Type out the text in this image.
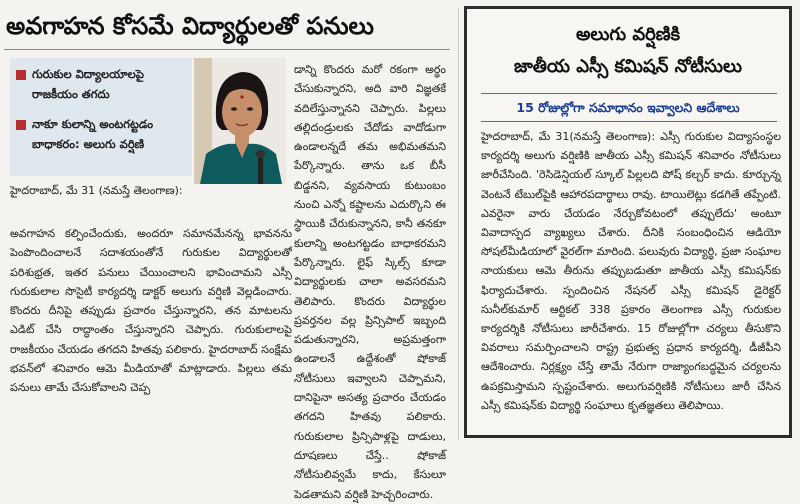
అవగాహన కోసమే విద్యార్థులతో పనులు
గురుకుల విద్యాలయాలపై రాజకీయం తగదు
నాకూ కులాన్ని అంటగట్టడం బాధాకరం: అలుగు వర్షిణి

హైదరాబాద్, మే 31 (నమస్తే తెలంగాణ):

అవగాహన కల్పించేందుకు, అందరూ సమానమేనన్న భావనను పెంపొందించాలనే సదాశయంతోనే గురుకుల విద్యార్థులతో పరిశుభ్రత, ఇతర పనులు చేయించాలని భావించామని ఎస్సీ గురుకులాల సొసైటీ కార్యదర్శి డాక్టర్ అలుగు వర్షిణి వెల్లడించారు. కొందరు దీనిపై తప్పుడు ప్రచారం చేస్తున్నారని, తన మాటలను ఎడిట్ చేసి రాద్ధాంతం చేస్తున్నారని చెప్పారు. గురుకులాలపై రాజకీయం చేయడం తగదని హితవు పలికారు. హైదరాబాద్ సంక్షేమ భవన్‌లో శనివారం ఆమె మీడియాతో మాట్లాడారు. పిల్లలు తమ పనులు తామే చేసుకోవాలని చెప్ప

డాన్ని కొందరు మరో రకంగా అర్థం చేసుకున్నారని, అది వారి విజ్ఞతకే వదిలేస్తున్నానని చెప్పారు. పిల్లలు తల్లిదండ్రులకు చేదోడు వాదోడుగా ఉండాలన్నదే తమ అభిమతమని పేర్కొన్నారు. తాను ఒక బీసీ బిడ్డనని, వ్యవసాయ కుటుంబం నుంచి ఎన్నో కష్టాలను ఎదుర్కొని ఈ స్థాయికి చేరుకున్నానని, కానీ తనకూ కులాన్ని అంటగట్టడం బాధాకరమని పేర్కొన్నారు. లైఫ్ స్కిల్స్ కూడా విద్యార్థులకు చాలా అవసరమని తెలిపారు. కొందరు విద్యార్థుల ప్రవర్తనల వల్ల ప్రిన్సిపాల్ ఇబ్బంది పడుతున్నారని, అప్రమత్తంగా ఉండాలనే ఉద్దేశంతో షోకాజ్ నోటీసులు ఇవ్వాలని చెప్పామని, దానిపైనా అసత్య ప్రచారం చేయడం తగదని హితవు పలికారు. గురుకులాల ప్రిన్సిపాళ్లపై దాడులు, దూషణలు చేస్తే.. షోకాజ్ నోటీసులివ్వమే కాదు, కేసులూ పెడతామని వర్షిణి హెచ్చరించారు.

అలుగు వర్షిణికి
జాతీయ ఎస్సీ కమిషన్ నోటీసులు
15 రోజుల్లోగా సమాధానం ఇవ్వాలని ఆదేశాలు

హైదరాబాద్, మే 31(నమస్తే తెలంగాణ): ఎస్సీ గురుకుల విద్యాసంస్థల కార్యదర్శి అలుగు వర్షిణికి జాతీయ ఎస్సీ కమిషన్ శనివారం నోటీసులు జారీచేసింది. 'రెసిడెన్షియల్ స్కూల్ పిల్లలది పోష్ కల్చర్ కాదు. కూర్చున్న వెంటనే టేబుల్‌పైకి ఆహారపదార్థాలు రావు. టాయిలెట్లు కడగితే తప్పేంటి. ఎవరైనా వారు చేయడం నేర్చుకోవటంలో తప్పులేదు' అంటూ వివాదాస్పద వ్యాఖ్యలు చేశారు. దీనికి సంబంధించిన ఆడియో సోషల్‌మీడియాలో వైరల్‌గా మారింది. పలువురు విద్యార్థి, ప్రజా సంఘాల నాయకులు ఆమె తీరును తప్పుబడుతూ జాతీయ ఎస్సీ కమిషన్‌కు ఫిర్యాదుచేశారు. స్పందించిన నేషనల్ ఎస్సీ కమిషన్ డైరెక్టర్ సునీల్‌కుమార్ ఆర్టికల్ 338 ప్రకారం తెలంగాణ ఎస్సీ గురుకుల కార్యదర్శికి నోటీసులు జారీచేశారు. 15 రోజుల్లోగా చర్యలు తీసుకొని వివరాలు సమర్పించాలని రాష్ట్ర ప్రభుత్వ ప్రధాన కార్యదర్శి, డీజీపీని ఆదేశించారు. నిర్లక్ష్యం చేస్తే తామే నేరుగా రాజ్యాంగబద్ధమైన చర్యలను ఉపక్రమిస్తామని స్పష్టంచేశారు. అలుగువర్షిణికి నోటీసులు జారీ చేసిన ఎస్సీ కమిషన్‌కు విద్యార్థి సంఘాలు కృతజ్ఞతలు తెలిపాయి.
